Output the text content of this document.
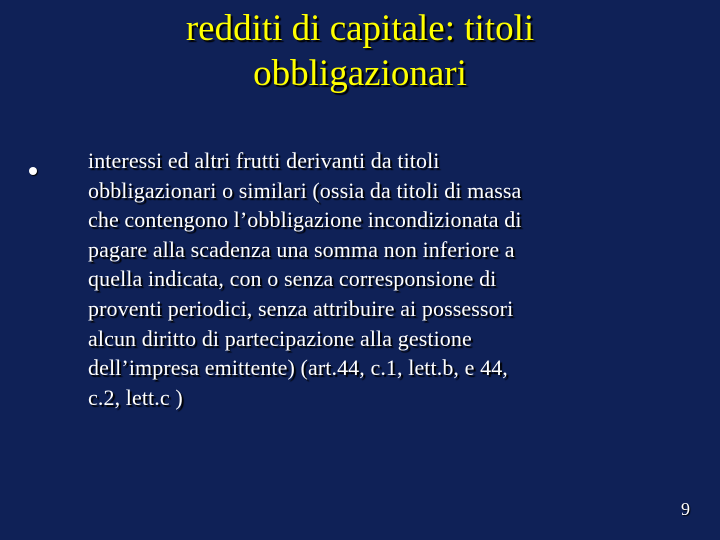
redditi di capitale: titoli
obbligazionari
interessi ed altri frutti derivanti da titoli
obbligazionari o similari (ossia da titoli di massa
che contengono l’obbligazione incondizionata di
pagare alla scadenza una somma non inferiore a
quella indicata, con o senza corresponsione di
proventi periodici, senza attribuire ai possessori
alcun diritto di partecipazione alla gestione
dell’impresa emittente) (art.44, c.1, lett.b, e 44,
c.2, lett.c )
9
